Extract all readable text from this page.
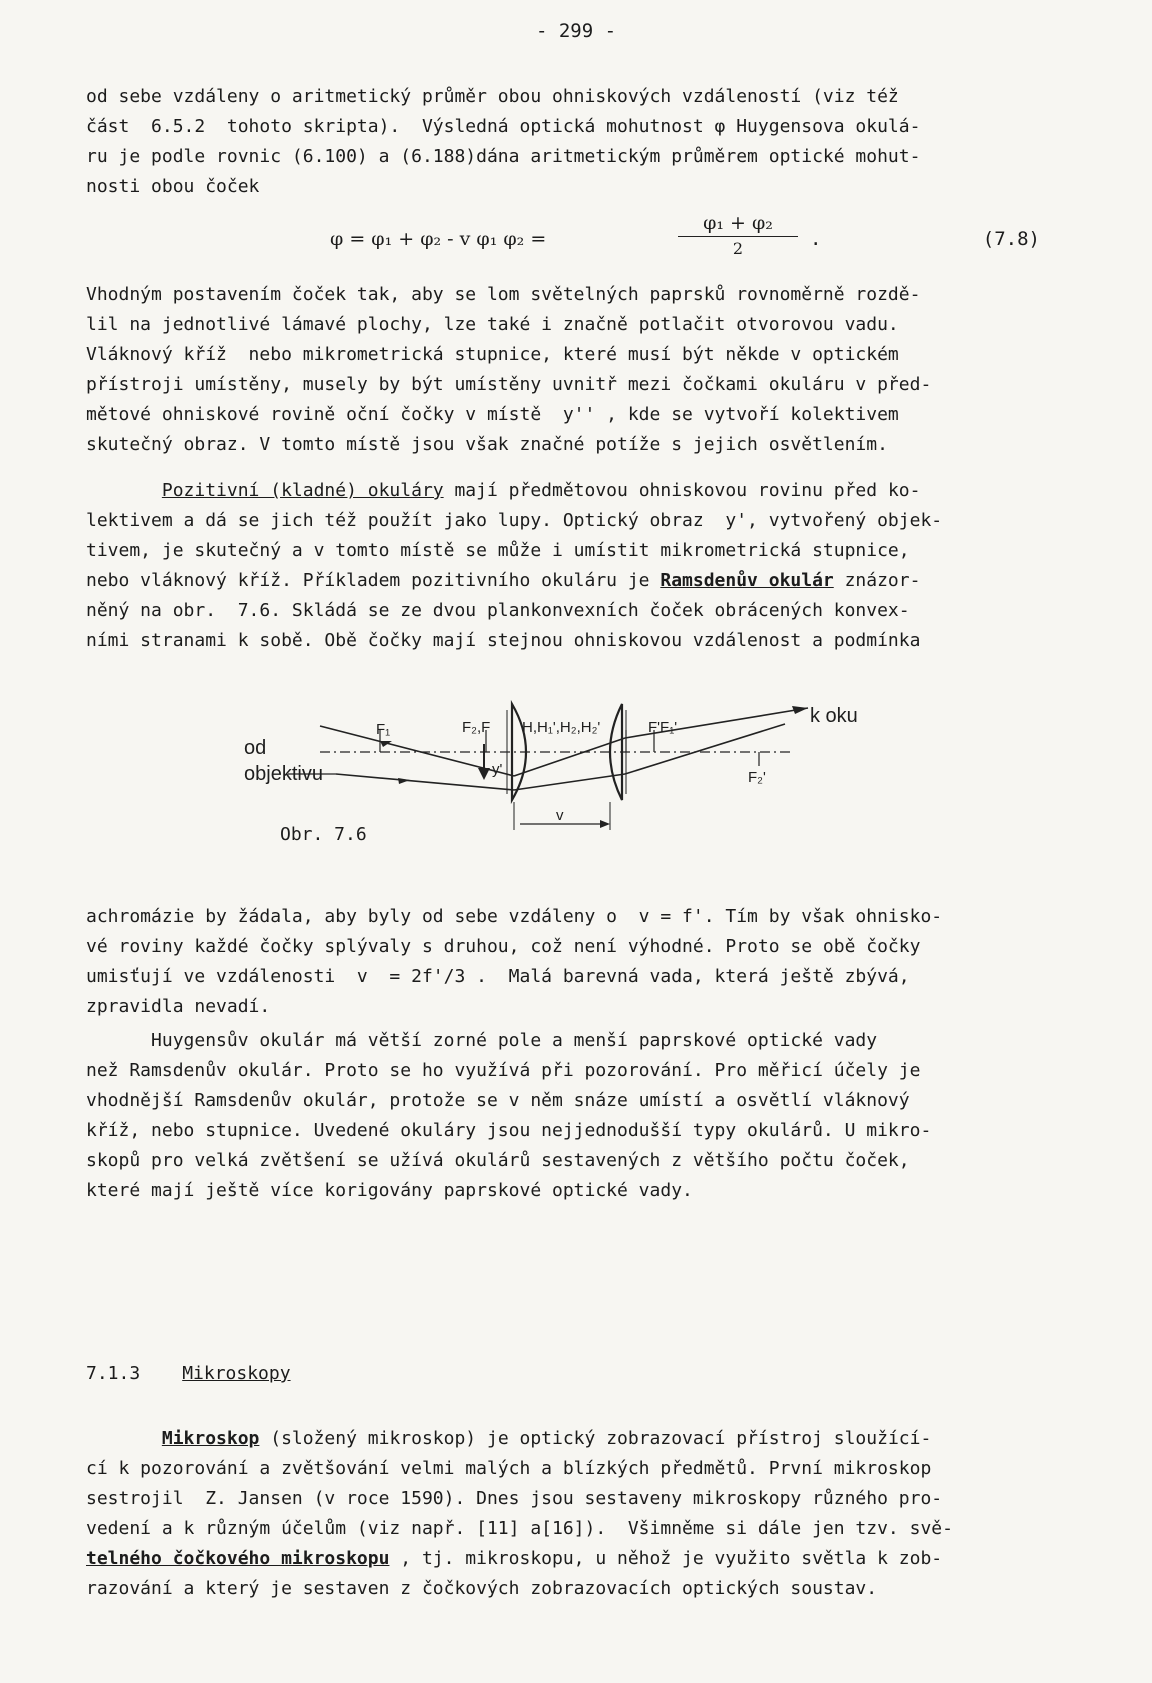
- 299 -
od sebe vzdáleny o aritmetický průměr obou ohniskových vzdáleností (viz též
část  6.5.2  tohoto skripta).  Výsledná optická mohutnost φ Huygensova okulá-
ru je podle rovnic (6.100) a (6.188)dána aritmetickým průměrem optické mohut-
nosti obou čoček
φ = φ₁ + φ₂ - v φ₁ φ₂ =
φ₁ + φ₂
2	.	(7.8)
Vhodným postavením čoček tak, aby se lom světelných paprsků rovnoměrně rozdě-
lil na jednotlivé lámavé plochy, lze také i značně potlačit otvorovou vadu.
Vláknový kříž  nebo mikrometrická stupnice, které musí být někde v optickém
přístroji umístěny, musely by být umístěny uvnitř mezi čočkami okuláru v před-
mětové ohniskové rovině oční čočky v místě  y'' , kde se vytvoří kolektivem
skutečný obraz. V tomto místě jsou však značné potíže s jejich osvětlením.
Pozitivní (kladné) okuláry mají předmětovou ohniskovou rovinu před ko-
lektivem a dá se jich též použít jako lupy. Optický obraz  y', vytvořený objek-
tivem, je skutečný a v tomto místě se může i umístit mikrometrická stupnice,
nebo vláknový kříž. Příkladem pozitivního okuláru je Ramsdenův okulár znázor-
něný na obr.  7.6. Skládá se ze dvou plankonvexních čoček obrácených konvex-
ními stranami k sobě. Obě čočky mají stejnou ohniskovou vzdálenost a podmínka
od
objektivu
k oku
F₁	F₂,F H,H₁',H₂,H₂'	F'F₁'
F₂'
y'
v
Obr. 7.6
achromázie by žádala, aby byly od sebe vzdáleny o  v = f'. Tím by však ohnisko-
vé roviny každé čočky splývaly s druhou, což není výhodné. Proto se obě čočky
umisťují ve vzdálenosti  v  = 2f'/3 .  Malá barevná vada, která ještě zbývá,
zpravidla nevadí.
Huygensův okulár má větší zorné pole a menší paprskové optické vady
než Ramsdenův okulár. Proto se ho využívá při pozorování. Pro měřicí účely je
vhodnější Ramsdenův okulár, protože se v něm snáze umístí a osvětlí vláknový
kříž, nebo stupnice. Uvedené okuláry jsou nejjednodušší typy okulárů. U mikro-
skopů pro velká zvětšení se užívá okulárů sestavených z většího počtu čoček,
které mají ještě více korigovány paprskové optické vady.
7.1.3 Mikroskopy
Mikroskop (složený mikroskop) je optický zobrazovací přístroj sloužící-
cí k pozorování a zvětšování velmi malých a blízkých předmětů. První mikroskop
sestrojil  Z. Jansen (v roce 1590). Dnes jsou sestaveny mikroskopy různého pro-
vedení a k různým účelům (viz např. [11] a[16]).  Všimněme si dále jen tzv. svě-
telného čočkového mikroskopu , tj. mikroskopu, u něhož je využito světla k zob-
razování a který je sestaven z čočkových zobrazovacích optických soustav.
